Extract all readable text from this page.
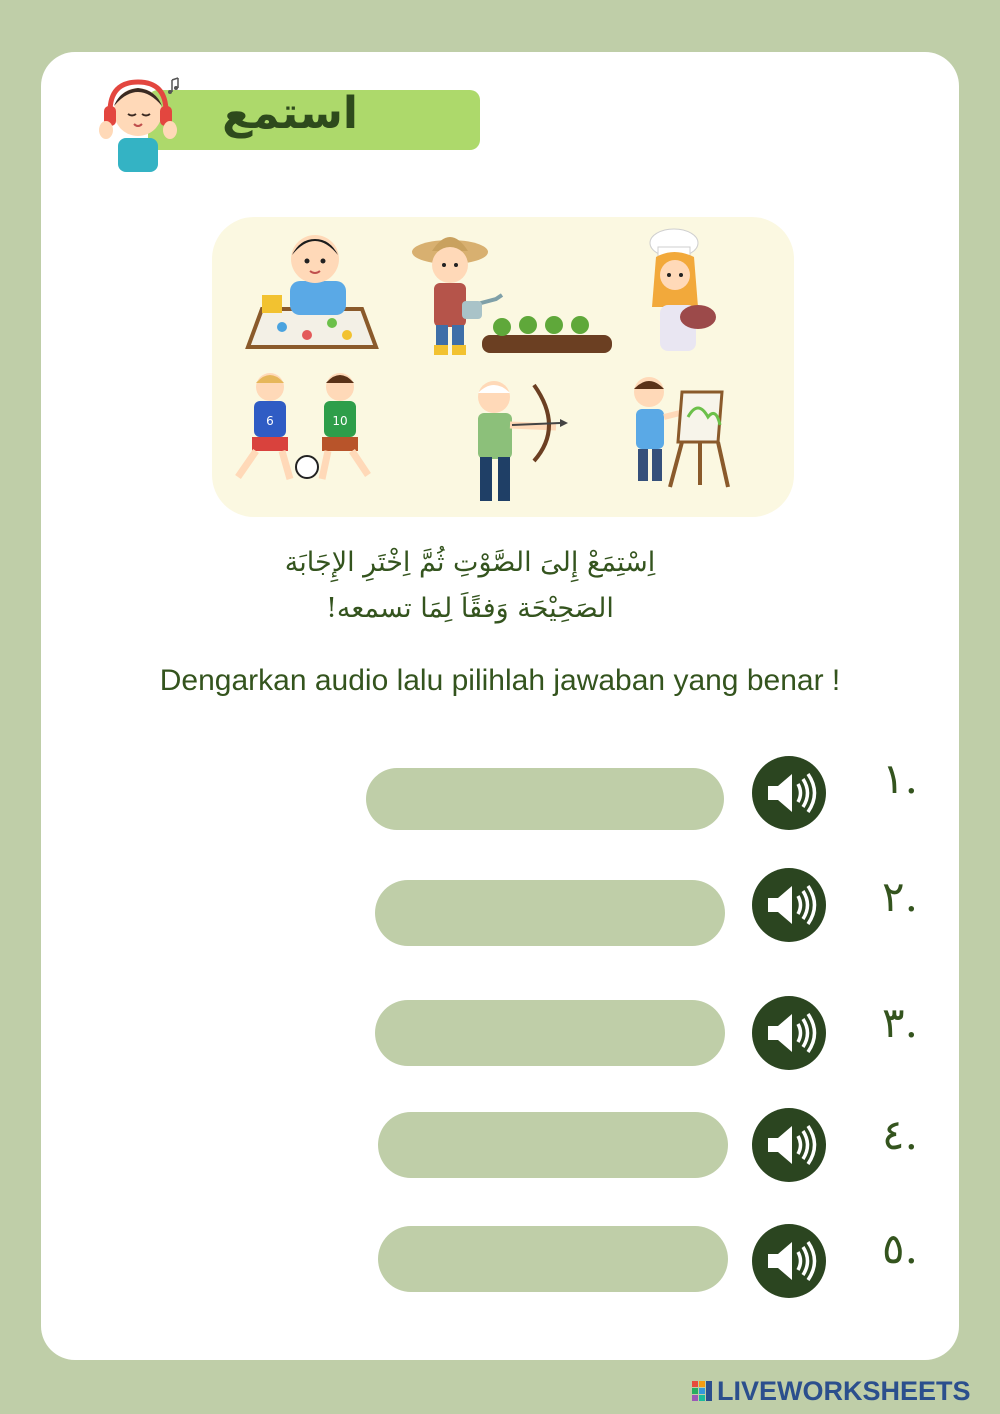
استمع
6	10
اِسْتِمَعْ إِلىَ الصَّوْتِ ثُمَّ اِخْتَرِ الإِجَابَة
الصَحِيْحَة وَفقًاَ لِمَا تسمعه!
Dengarkan audio lalu pilihlah jawaban yang benar !
١.
٢.
٣.
٤.
٥.
LIVEWORKSHEETS
